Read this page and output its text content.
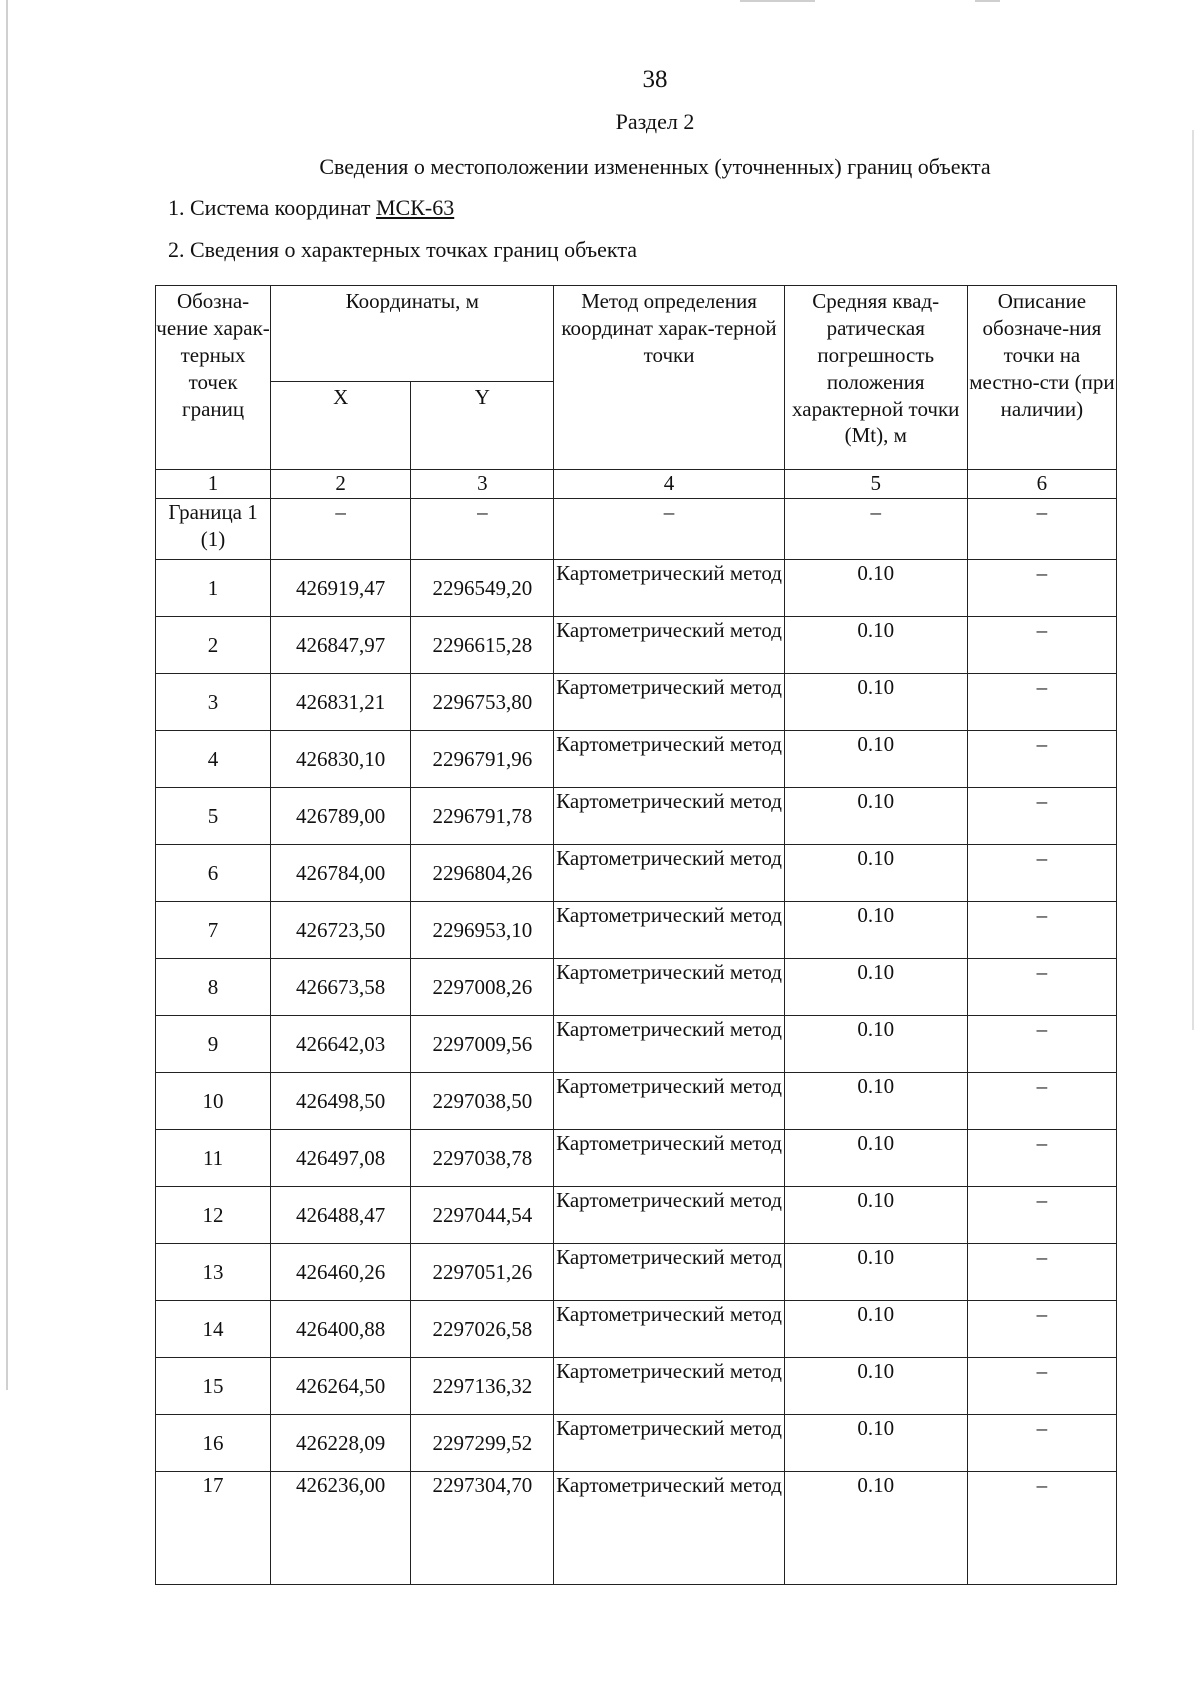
38
Раздел 2
Сведения о местоположении измененных (уточненных) границ объекта
1. Система координат МСК-63
2. Сведения о характерных точках границ объекта
Обозна-чение харак-терных точек границ	Координаты, м		Метод определения координат харак-терной точки	Средняя квад-ратическая погрешность положения характерной точки (Mt), м	Описание обозначе-ния точки на местно-сти (при наличии)
	X	Y			
1	2	3	4	5	6
Граница 1 (1)	–	–	–	–	–
1	426919,47	2296549,20	Картометрический метод	0.10	–
2	426847,97	2296615,28	Картометрический метод	0.10	–
3	426831,21	2296753,80	Картометрический метод	0.10	–
4	426830,10	2296791,96	Картометрический метод	0.10	–
5	426789,00	2296791,78	Картометрический метод	0.10	–
6	426784,00	2296804,26	Картометрический метод	0.10	–
7	426723,50	2296953,10	Картометрический метод	0.10	–
8	426673,58	2297008,26	Картометрический метод	0.10	–
9	426642,03	2297009,56	Картометрический метод	0.10	–
10	426498,50	2297038,50	Картометрический метод	0.10	–
11	426497,08	2297038,78	Картометрический метод	0.10	–
12	426488,47	2297044,54	Картометрический метод	0.10	–
13	426460,26	2297051,26	Картометрический метод	0.10	–
14	426400,88	2297026,58	Картометрический метод	0.10	–
15	426264,50	2297136,32	Картометрический метод	0.10	–
16	426228,09	2297299,52	Картометрический метод	0.10	–
17	426236,00	2297304,70	Картометрический метод	0.10	–
